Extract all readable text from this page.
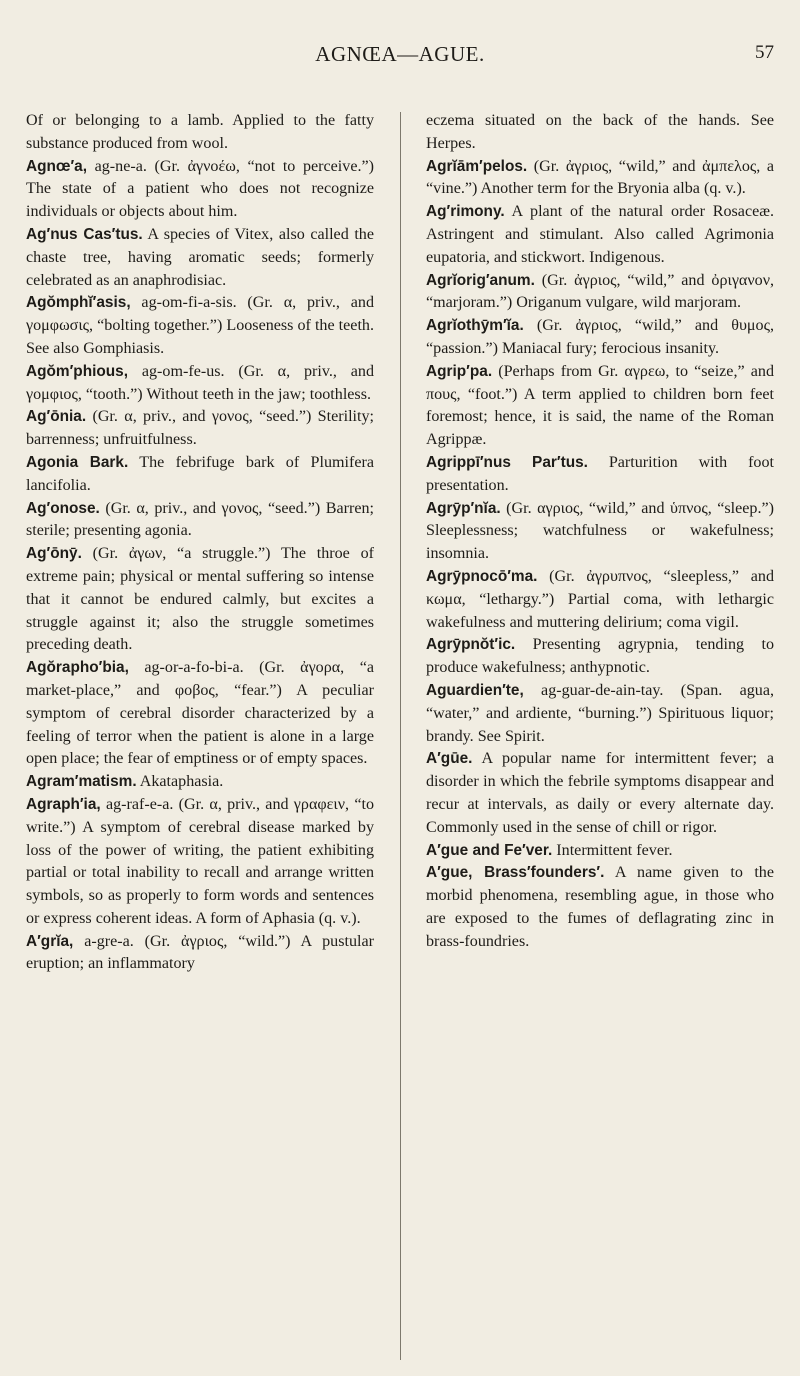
AGNŒA—AGUE.	57

Of or belonging to a lamb. Applied to the fatty substance produced from wool.

Agnœ′a, ag-ne-a. (Gr. ἀγνοέω, “not to perceive.”) The state of a patient who does not recognize individuals or objects about him.

Ag′nus Cas′tus. A species of Vitex, also called the chaste tree, having aromatic seeds; formerly celebrated as an anaphrodisiac.

Agŏmphĭ′asis, ag-om-fi-a-sis. (Gr. α, priv., and γομφωσις, “bolting together.”) Looseness of the teeth. See also Gomphiasis.

Agŏm′phious, ag-om-fe-us. (Gr. α, priv., and γομφιος, “tooth.”) Without teeth in the jaw; toothless.

Ag′ōnia. (Gr. α, priv., and γονος, “seed.”) Sterility; barrenness; unfruitfulness.

Agonia Bark. The febrifuge bark of Plumifera lancifolia.

Ag′onose. (Gr. α, priv., and γονος, “seed.”) Barren; sterile; presenting agonia.

Ag′ōnȳ. (Gr. ἀγων, “a struggle.”) The throe of extreme pain; physical or mental suffering so intense that it cannot be endured calmly, but excites a struggle against it; also the struggle sometimes preceding death.

Agŏrapho′bia, ag-or-a-fo-bi-a. (Gr. ἀγορα, “a market-place,” and φοβος, “fear.”) A peculiar symptom of cerebral disorder characterized by a feeling of terror when the patient is alone in a large open place; the fear of emptiness or of empty spaces.

Agram′matism. Akataphasia.

Agraph′ia, ag-raf-e-a. (Gr. α, priv., and γραφειν, “to write.”) A symptom of cerebral disease marked by loss of the power of writing, the patient exhibiting partial or total inability to recall and arrange written symbols, so as properly to form words and sentences or express coherent ideas. A form of Aphasia (q. v.).

A′grĭa, a-gre-a. (Gr. ἀγριος, “wild.”) A pustular eruption; an inflammatory

eczema situated on the back of the hands. See Herpes.

Agrĭām′pelos. (Gr. ἀγριος, “wild,” and ἀμπελος, a “vine.”) Another term for the Bryonia alba (q. v.).

Ag′rimony. A plant of the natural order Rosaceæ. Astringent and stimulant. Also called Agrimonia eupatoria, and stickwort. Indigenous.

Agrĭorig′anum. (Gr. ἀγριος, “wild,” and ὀριγανον, “marjoram.”) Origanum vulgare, wild marjoram.

Agrĭothȳm′ĭa. (Gr. ἀγριος, “wild,” and θυμος, “passion.”) Maniacal fury; ferocious insanity.

Agrip′pa. (Perhaps from Gr. αγρεω, to “seize,” and πους, “foot.”) A term applied to children born feet foremost; hence, it is said, the name of the Roman Agrippæ.

Agrippī′nus Par′tus. Parturition with foot presentation.

Agrȳp′nĭa. (Gr. αγριος, “wild,” and ὑπνος, “sleep.”) Sleeplessness; watchfulness or wakefulness; insomnia.

Agrȳpnocō′ma. (Gr. ἀγρυπνος, “sleepless,” and κωμα, “lethargy.”) Partial coma, with lethargic wakefulness and muttering delirium; coma vigil.

Agrȳpnŏt′ic. Presenting agrypnia, tending to produce wakefulness; anthypnotic.

Aguardien′te, ag-guar-de-ain-tay. (Span. agua, “water,” and ardiente, “burning.”) Spirituous liquor; brandy. See Spirit.

A′gūe. A popular name for intermittent fever; a disorder in which the febrile symptoms disappear and recur at intervals, as daily or every alternate day. Commonly used in the sense of chill or rigor.

A′gue and Fe′ver. Intermittent fever.

A′gue, Brass′founders′. A name given to the morbid phenomena, resembling ague, in those who are exposed to the fumes of deflagrating zinc in brass-foundries.
